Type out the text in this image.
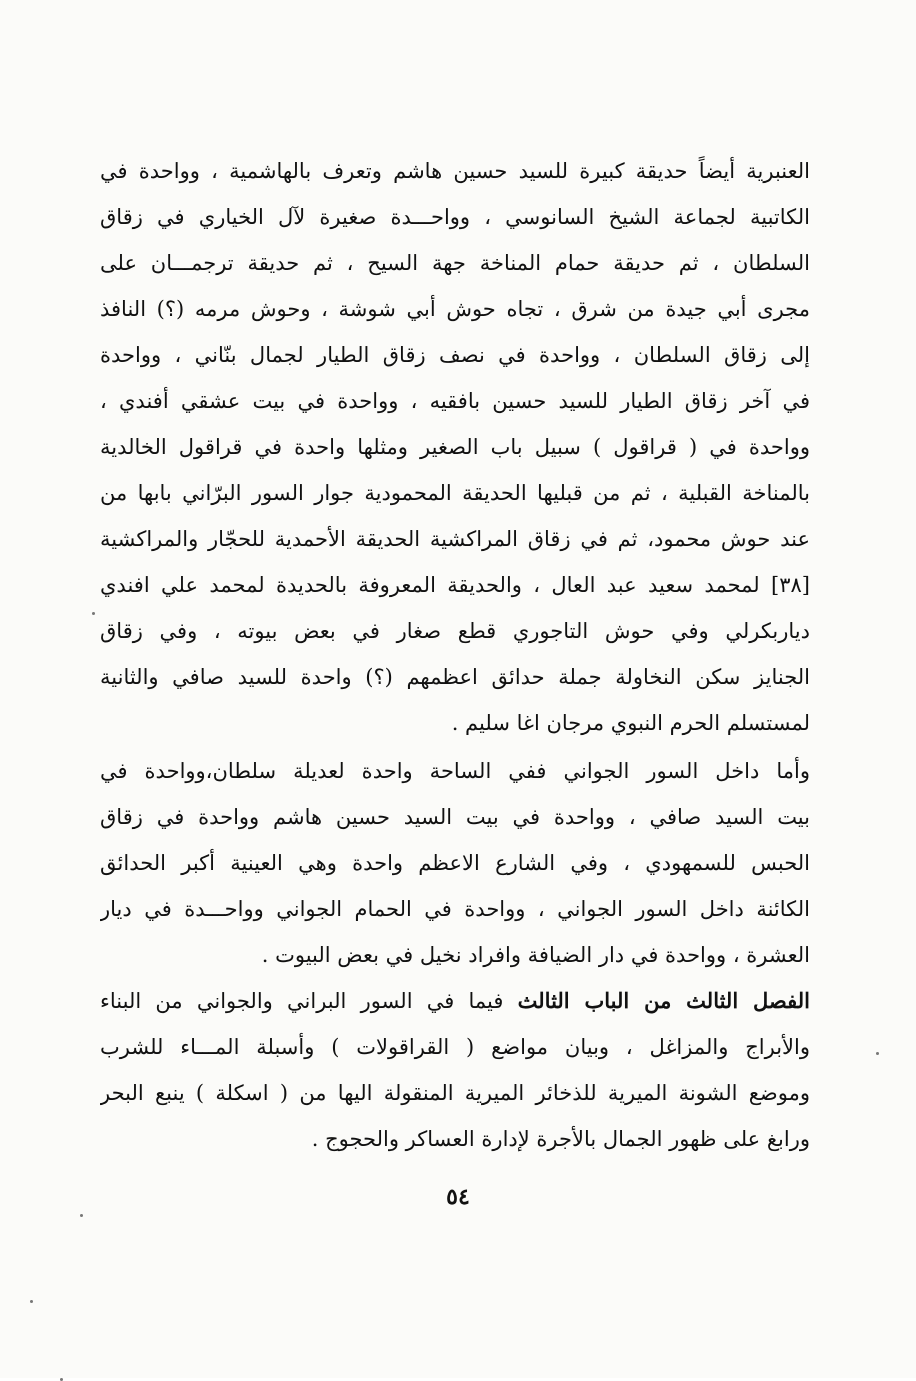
العنبرية أيضاً حديقة كبيرة للسيد حسين هاشم وتعرف بالهاشمية ، وواحدة في
الكاتبية لجماعة الشيخ السانوسي ، وواحـــدة صغيرة لآل الخياري في زقاق
السلطان ، ثم حديقة حمام المناخة جهة السيح ، ثم حديقة ترجمـــان على
مجرى أبي جيدة من شرق ، تجاه حوش أبي شوشة ، وحوش مرمه (؟) النافذ
إلى زقاق السلطان ، وواحدة في نصف زقاق الطيار لجمال بنّاني ، وواحدة
في آخر زقاق الطيار للسيد حسين بافقيه ، وواحدة في بيت عشقي أفندي ،
وواحدة في ( قراقول ) سبيل باب الصغير ومثلها واحدة في قراقول الخالدية
بالمناخة القبلية ، ثم من قبليها الحديقة المحمودية جوار السور البرّاني بابها من
عند حوش محمود، ثم في زقاق المراكشية الحديقة الأحمدية للحجّار والمراكشية
[٣٨] لمحمد سعيد عبد العال ، والحديقة المعروفة بالحديدة لمحمد علي افندي
دياربكرلي وفي حوش التاجوري قطع صغار في بعض بيوته ، وفي زقاق
الجنايز سكن النخاولة جملة حدائق اعظمهم (؟) واحدة للسيد صافي والثانية
لمستسلم الحرم النبوي مرجان اغا سليم .

وأما داخل السور الجواني ففي الساحة واحدة لعديلة سلطان،وواحدة في
بيت السيد صافي ، وواحدة في بيت السيد حسين هاشم وواحدة في زقاق
الحبس للسمهودي ، وفي الشارع الاعظم واحدة وهي العينية أكبر الحدائق
الكائنة داخل السور الجواني ، وواحدة في الحمام الجواني وواحـــدة في ديار
العشرة ، وواحدة في دار الضيافة وافراد نخيل في بعض البيوت .

الفصل الثالث من الباب الثالث فيما في السور البراني والجواني من البناء
والأبراج والمزاغل ، وبيان مواضع ( القراقولات ) وأسبلة المـــاء للشرب
وموضع الشونة الميرية للذخائر الميرية المنقولة اليها من ( اسكلة ) ينبع البحر
ورابغ على ظهور الجمال بالأجرة لإدارة العساكر والحجوج .

٥٤
